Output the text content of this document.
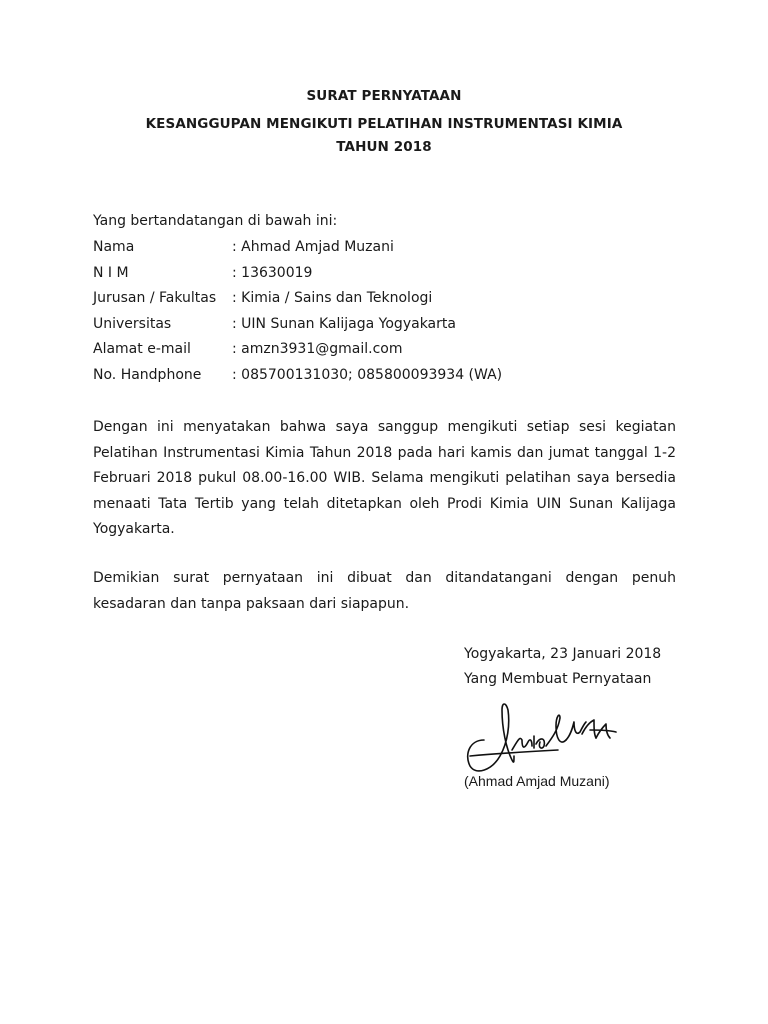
SURAT PERNYATAAN
KESANGGUPAN MENGIKUTI PELATIHAN INSTRUMENTASI KIMIA
TAHUN 2018
Yang bertandatangan di bawah ini:
Nama	: Ahmad Amjad Muzani
N I M	: 13630019
Jurusan / Fakultas : Kimia / Sains dan Teknologi
Universitas	: UIN Sunan Kalijaga Yogyakarta
Alamat e-mail	: amzn3931@gmail.com
No. Handphone : 085700131030; 085800093934 (WA)
Dengan ini menyatakan bahwa saya sanggup mengikuti setiap sesi kegiatan Pelatihan Instrumentasi Kimia Tahun 2018 pada hari kamis dan jumat tanggal 1-2 Februari 2018 pukul 08.00-16.00 WIB. Selama mengikuti pelatihan saya bersedia menaati Tata Tertib yang telah ditetapkan oleh Prodi Kimia UIN Sunan Kalijaga Yogyakarta.
Demikian surat pernyataan ini dibuat dan ditandatangani dengan penuh kesadaran dan tanpa paksaan dari siapapun.
Yogyakarta, 23 Januari 2018
Yang Membuat Pernyataan
(Ahmad Amjad Muzani)
